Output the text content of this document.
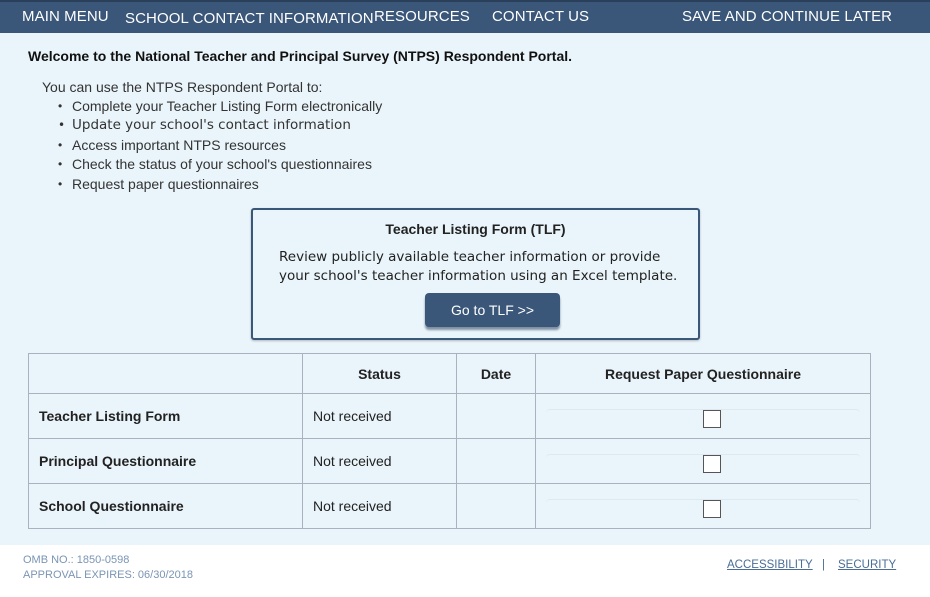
MAIN MENU SCHOOL CONTACT INFORMATION RESOURCES CONTACT US	SAVE AND CONTINUE LATER
Welcome to the National Teacher and Principal Survey (NTPS) Respondent Portal.
You can use the NTPS Respondent Portal to:
• Complete your Teacher Listing Form electronically
• Update your school's contact information
• Access important NTPS resources
• Check the status of your school's questionnaires
• Request paper questionnaires
Teacher Listing Form (TLF)
Review publicly available teacher information or provide
your school's teacher information using an Excel template.
Go to TLF >>
	Status	Date	Request Paper Questionnaire
Teacher Listing Form	Not received		

Principal Questionnaire	Not received		

School Questionnaire	Not received		
OMB NO.: 1850-0598
APPROVAL EXPIRES: 06/30/2018
ACCESSIBILITY | SECURITY
